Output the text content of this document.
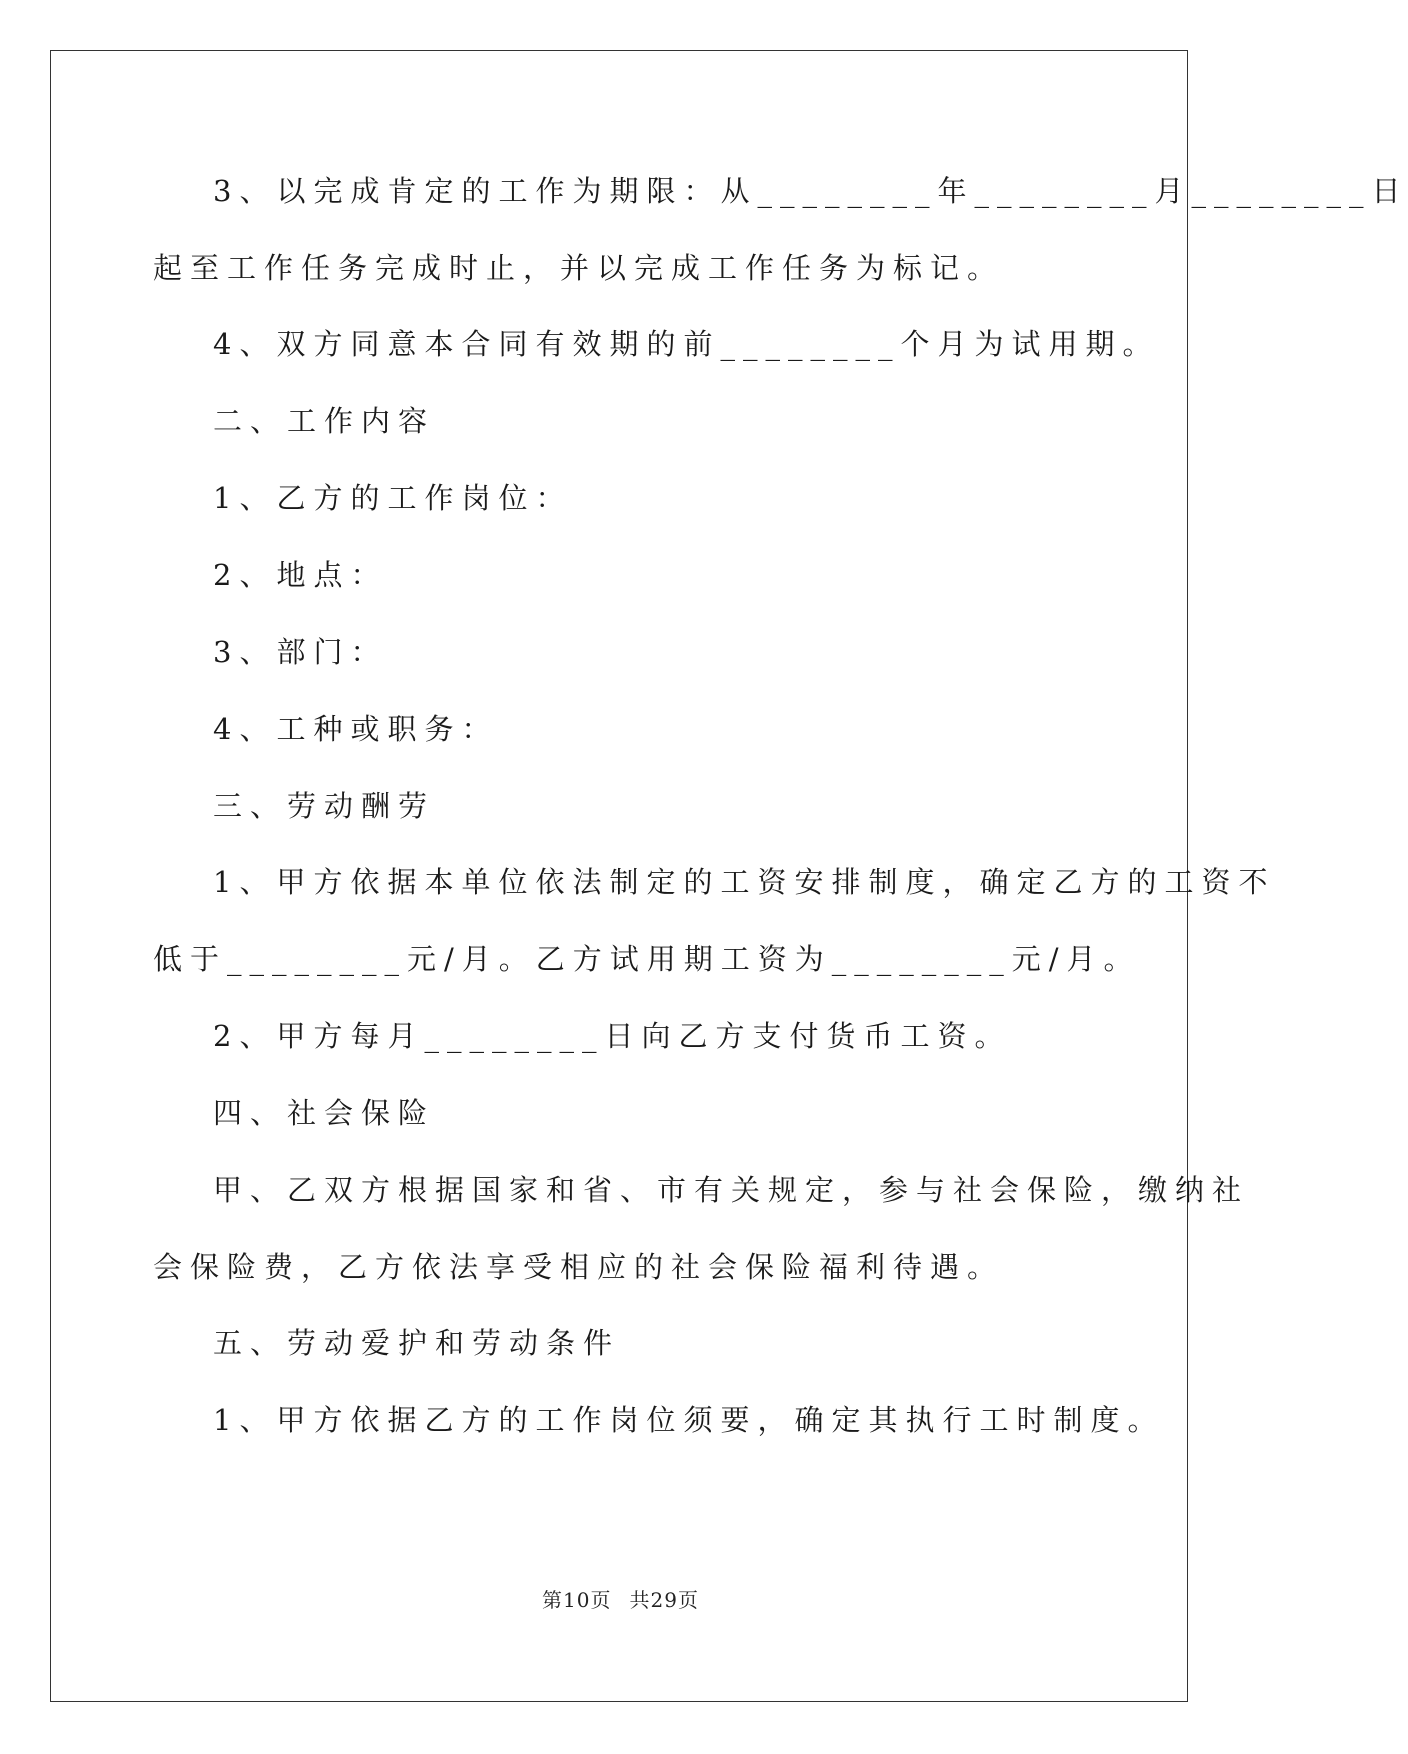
3、以完成肯定的工作为期限：从________年________月________日

起至工作任务完成时止，并以完成工作任务为标记。

4、双方同意本合同有效期的前________个月为试用期。

二、工作内容

1、乙方的工作岗位：

2、地点：

3、部门：

4、工种或职务：

三、劳动酬劳

1、甲方依据本单位依法制定的工资安排制度，确定乙方的工资不

低于________元/月。乙方试用期工资为________元/月。

2、甲方每月________日向乙方支付货币工资。

四、社会保险

甲、乙双方根据国家和省、市有关规定，参与社会保险，缴纳社

会保险费，乙方依法享受相应的社会保险福利待遇。

五、劳动爱护和劳动条件

1、甲方依据乙方的工作岗位须要，确定其执行工时制度。

第10页 共29页
